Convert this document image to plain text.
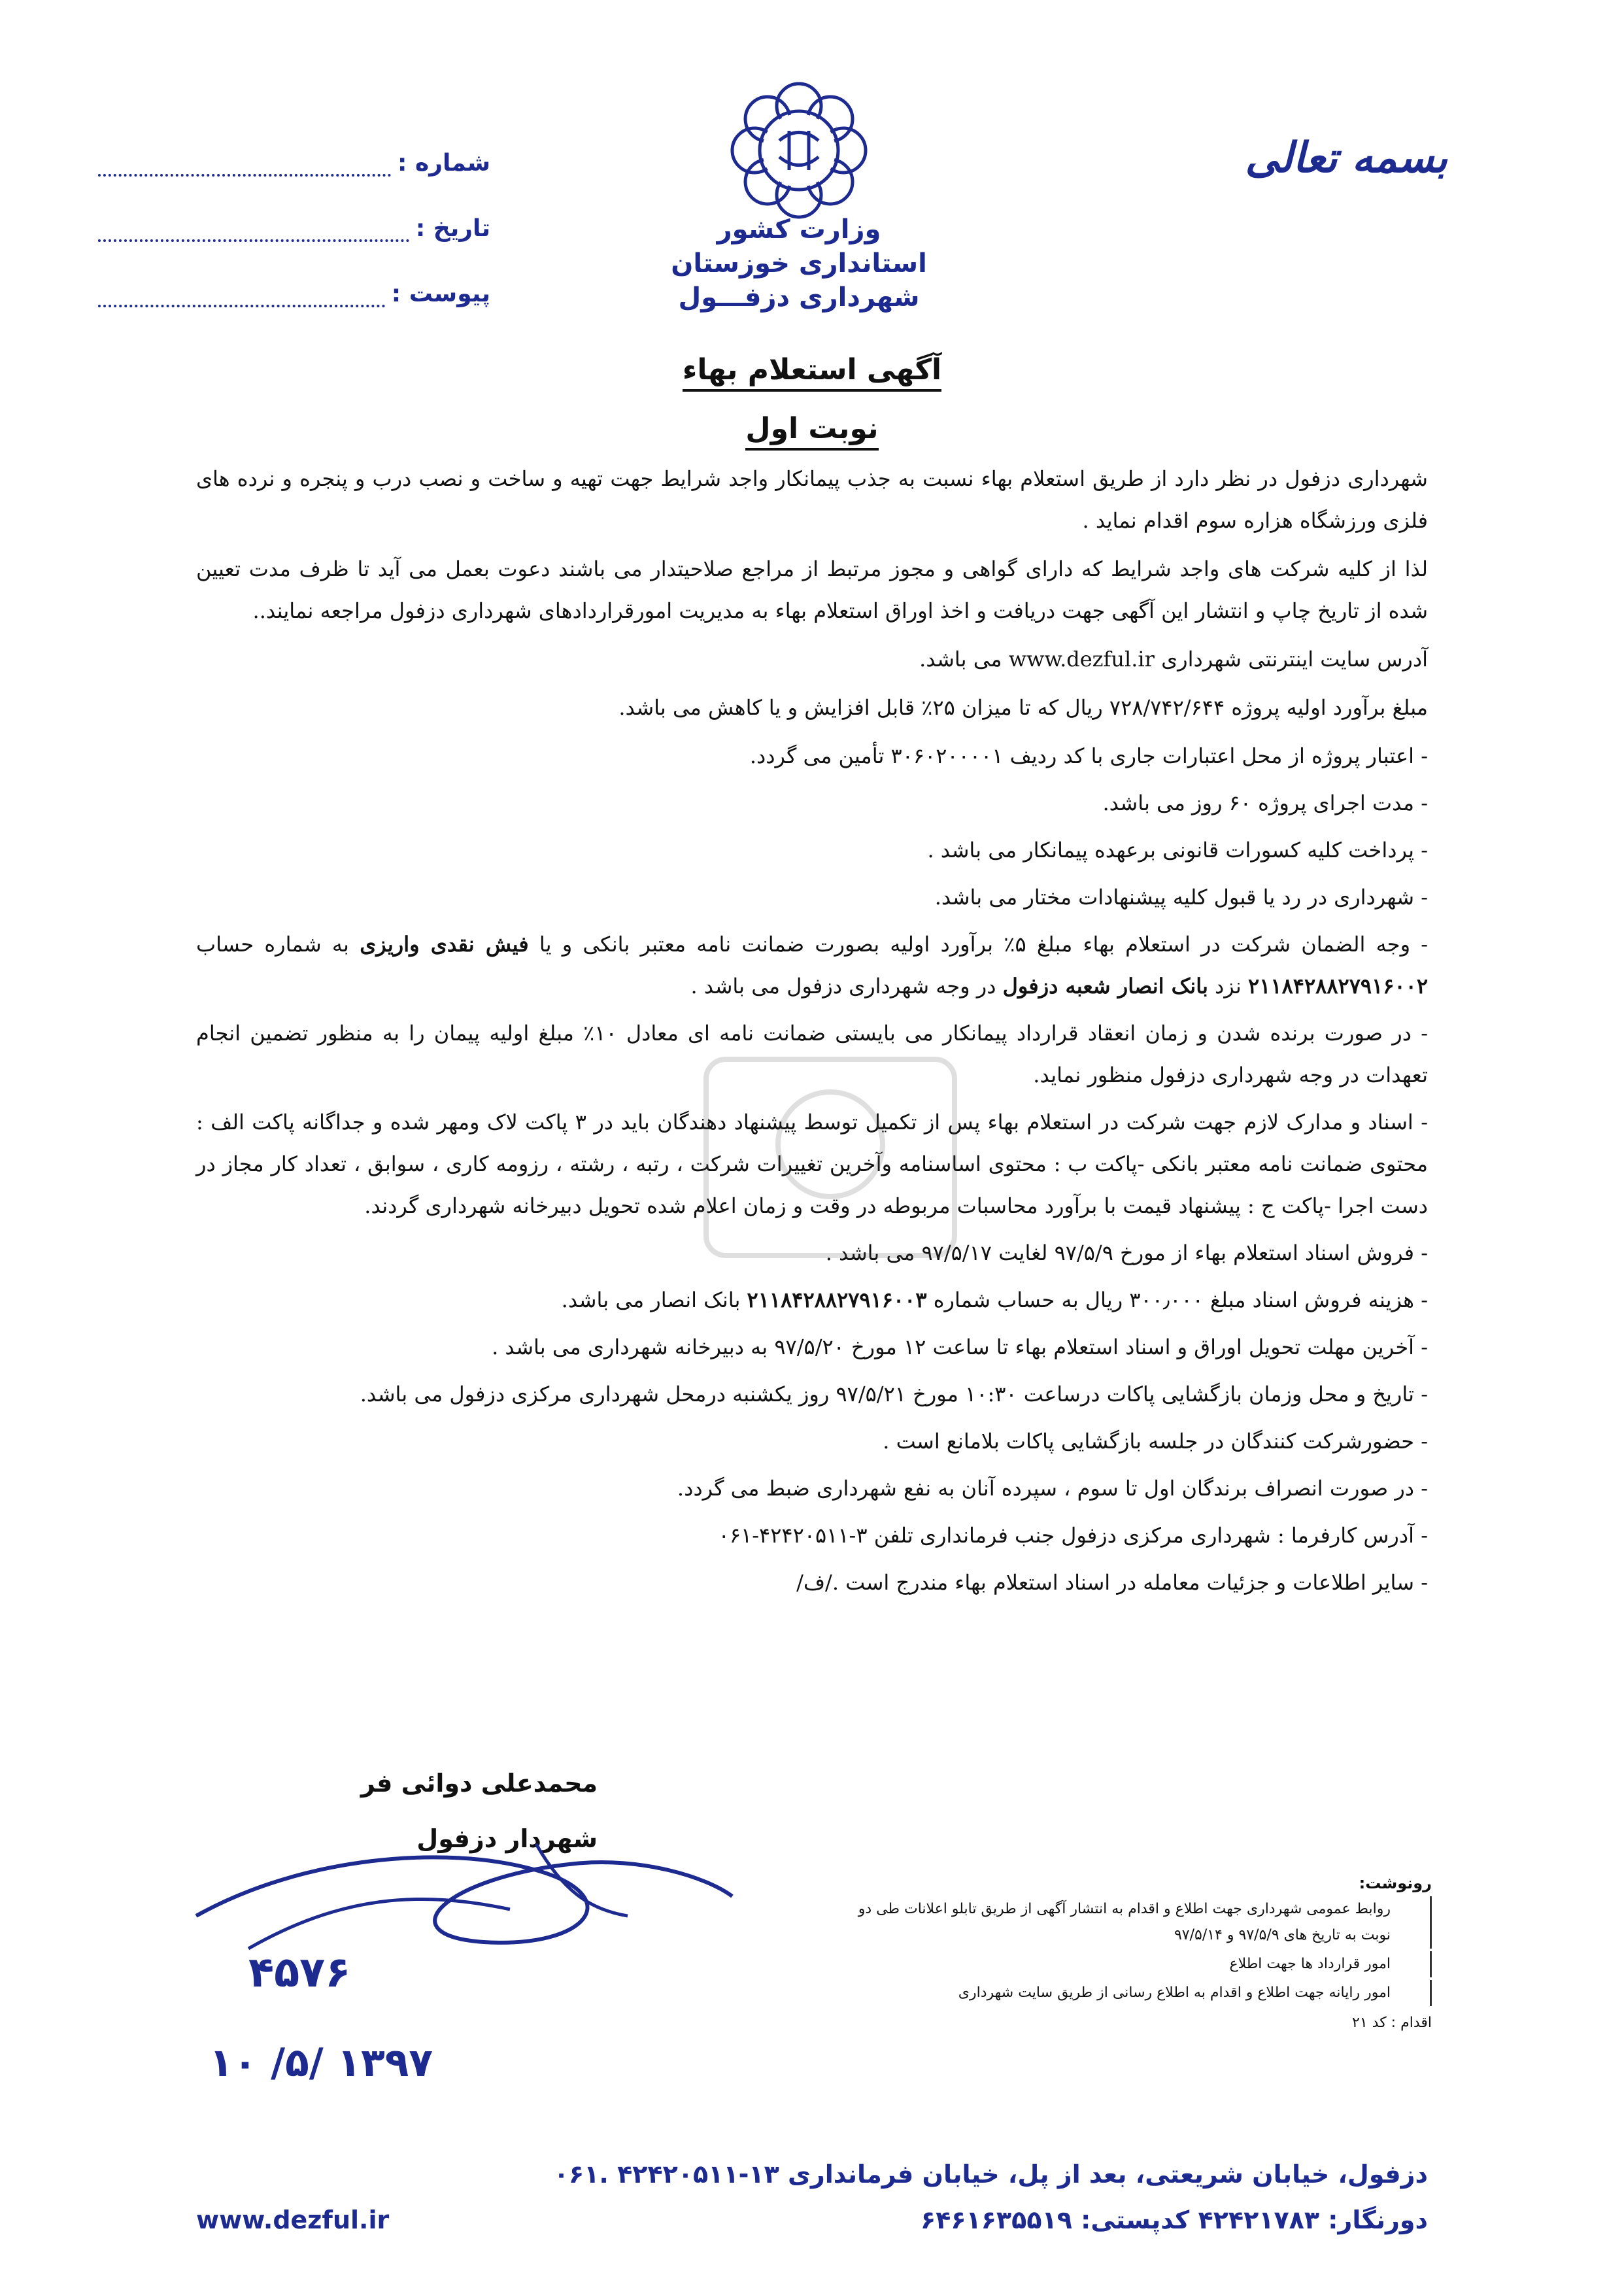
بسمه تعالی
وزارت کشور
استانداری خوزستان
شهرداری دزفـــول
شماره :
تاریخ :
پیوست :
آگهی استعلام بهاء
نوبت اول

شهرداری دزفول در نظر دارد از طریق استعلام بهاء نسبت به جذب پیمانکار واجد شرایط جهت تهیه و ساخت و نصب درب و پنجره و نرده های فلزی ورزشگاه هزاره سوم اقدام نماید .

لذا از کلیه شرکت های واجد شرایط که دارای گواهی و مجوز مرتبط از مراجع صلاحیتدار می باشند دعوت بعمل می آید تا ظرف مدت تعیین شده از تاریخ چاپ و انتشار این آگهی جهت دریافت و اخذ اوراق استعلام بهاء به مدیریت امورقراردادهای شهرداری دزفول مراجعه نمایند..

آدرس سایت اینترنتی شهرداری www.dezful.ir می باشد.

مبلغ برآورد اولیه پروژه ۷۲۸/۷۴۲/۶۴۴ ریال که تا میزان ۲۵٪ قابل افزایش و یا کاهش می باشد.

- اعتبار پروژه از محل اعتبارات جاری با کد ردیف ۳۰۶۰۲۰۰۰۰۱ تأمین می گردد.
- مدت اجرای پروژه ۶۰ روز می باشد.
- پرداخت کلیه کسورات قانونی برعهده پیمانکار می باشد .
- شهرداری در رد یا قبول کلیه پیشنهادات مختار می باشد.
- وجه الضمان شرکت در استعلام بهاء مبلغ ۵٪ برآورد اولیه بصورت ضمانت نامه معتبر بانکی و یا فیش نقدی واریزی به شماره حساب ۲۱۱۸۴۲۸۸۲۷۹۱۶۰۰۲ نزد بانک انصار شعبه دزفول در وجه شهرداری دزفول می باشد .
- در صورت برنده شدن و زمان انعقاد قرارداد پیمانکار می بایستی ضمانت نامه ای معادل ۱۰٪ مبلغ اولیه پیمان را به منظور تضمین انجام تعهدات در وجه شهرداری دزفول منظور نماید.
- اسناد و مدارک لازم جهت شرکت در استعلام بهاء پس از تکمیل توسط پیشنهاد دهندگان باید در ۳ پاکت لاک ومهر شده و جداگانه پاکت الف : محتوی ضمانت نامه معتبر بانکی -پاکت ب : محتوی اساسنامه وآخرین تغییرات شرکت ، رتبه ، رشته ، رزومه کاری ، سوابق ، تعداد کار مجاز در دست اجرا -پاکت ج : پیشنهاد قیمت با برآورد محاسبات مربوطه در وقت و زمان اعلام شده تحویل دبیرخانه شهرداری گردند.
- فروش اسناد استعلام بهاء از مورخ ۹۷/۵/۹ لغایت ۹۷/۵/۱۷ می باشد .
- هزینه فروش اسناد مبلغ ۳۰۰٫۰۰۰ ریال به حساب شماره ۲۱۱۸۴۲۸۸۲۷۹۱۶۰۰۳ بانک انصار می باشد.
- آخرین مهلت تحویل اوراق و اسناد استعلام بهاء تا ساعت ۱۲ مورخ ۹۷/۵/۲۰ به دبیرخانه شهرداری می باشد .
- تاریخ و محل وزمان بازگشایی پاکات درساعت ۱۰:۳۰ مورخ ۹۷/۵/۲۱ روز یکشنبه درمحل شهرداری مرکزی دزفول می باشد.
- حضورشرکت کنندگان در جلسه بازگشایی پاکات بلامانع است .
- در صورت انصراف برندگان اول تا سوم ، سپرده آنان به نفع شهرداری ضبط می گردد.
- آدرس کارفرما : شهرداری مرکزی دزفول جنب فرمانداری تلفن ۳-۴۲۴۲۰۵۱۱-۰۶۱
- سایر اطلاعات و جزئیات معامله در اسناد استعلام بهاء مندرج است ./ف/
محمدعلی دوائی فر
شهردار دزفول
رونوشت:
روابط عمومی شهرداری جهت اطلاع و اقدام به انتشار آگهی از طریق تابلو اعلانات طی دو نوبت به تاریخ های ۹۷/۵/۹ و ۹۷/۵/۱۴
امور قرارداد ها جهت اطلاع
امور رایانه جهت اطلاع و اقدام به اطلاع رسانی از طریق سایت شهرداری
اقدام : کد ۲۱
۴۵۷۶
۱۳۹۷ /۵/ ۱۰
دزفول، خیابان شریعتی، بعد از پل، خیابان فرمانداری ۱۳-۴۲۴۲۰۵۱۱ .۰۶۱
دورنگار: ۴۲۴۲۱۷۸۳ کدپستی: ۶۴۶۱۶۳۵۵۱۹
www.dezful.ir
